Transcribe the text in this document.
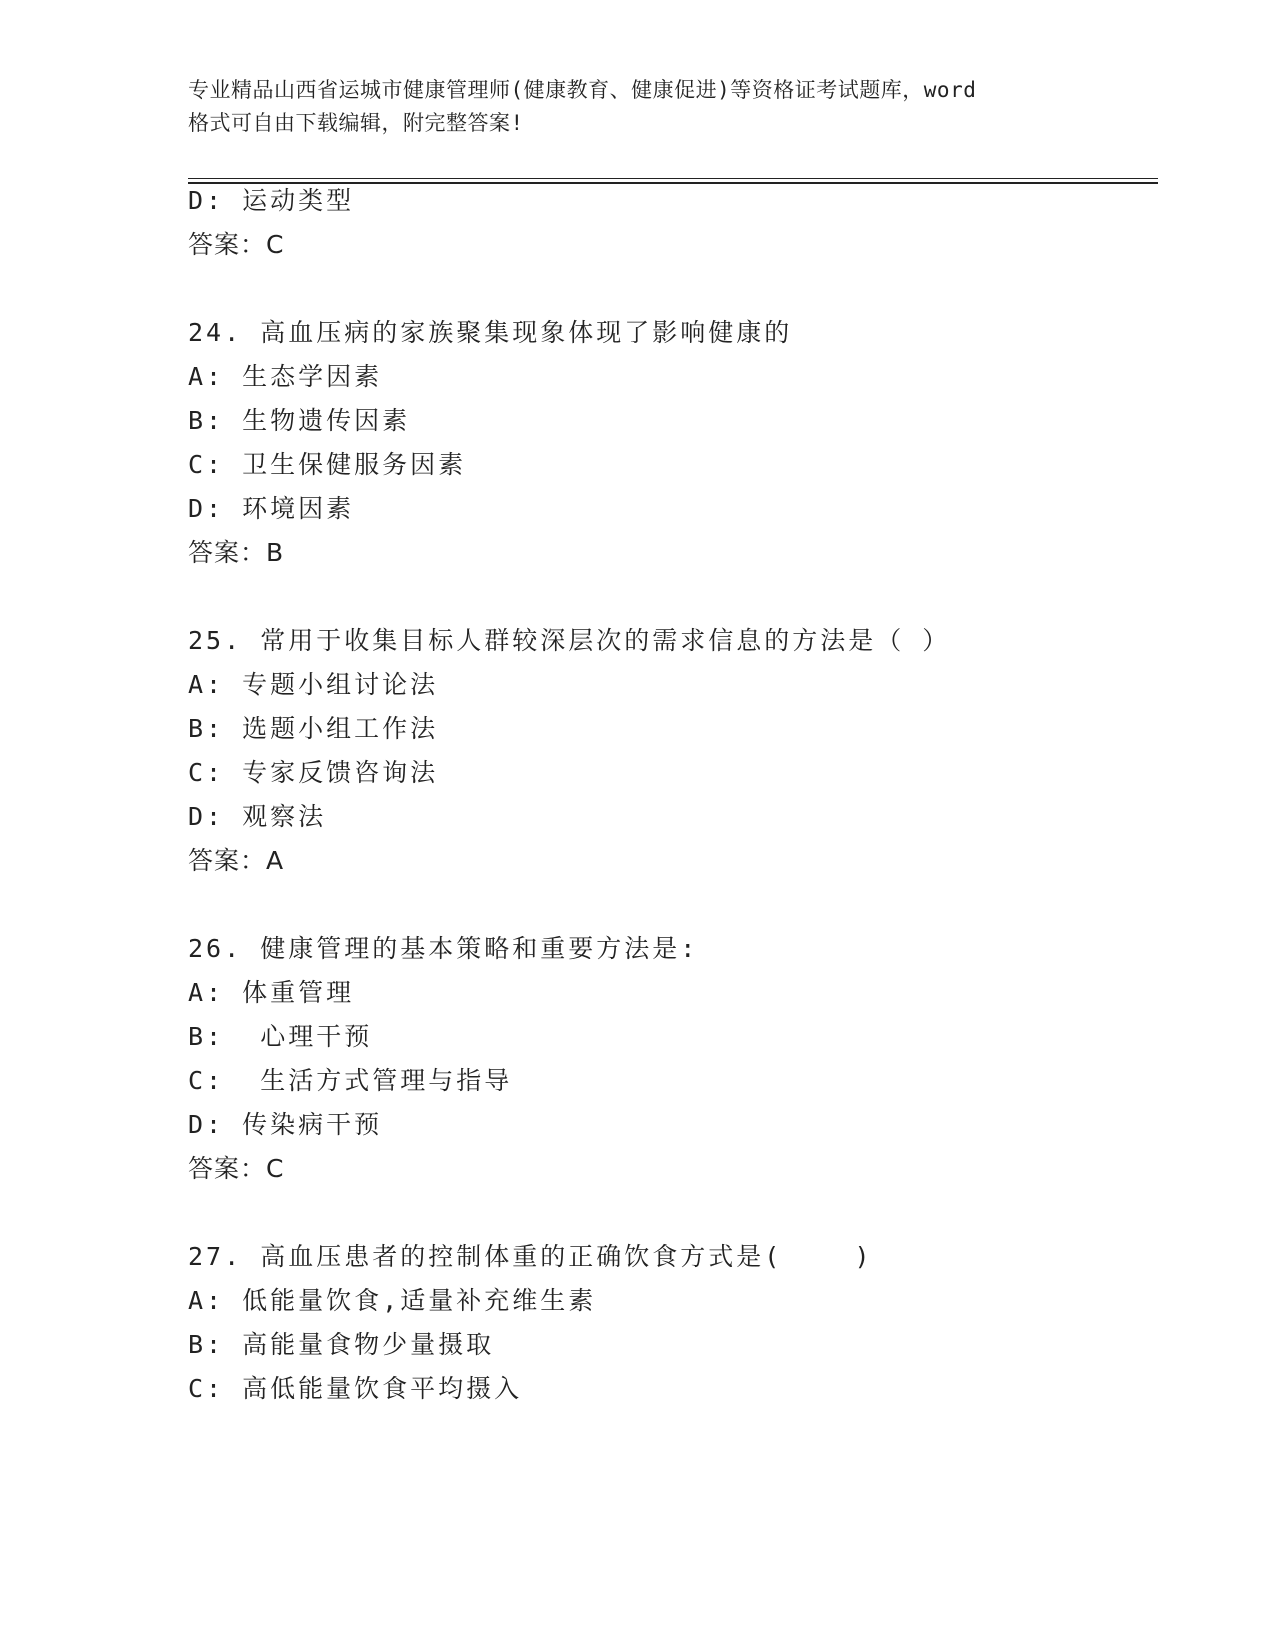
专业精品山西省运城市健康管理师(健康教育、健康促进)等资格证考试题库，word
格式可自由下载编辑，附完整答案!
D: 运动类型
答案：C
24. 高血压病的家族聚集现象体现了影响健康的
A: 生态学因素
B: 生物遗传因素
C: 卫生保健服务因素
D: 环境因素
答案：B
25. 常用于收集目标人群较深层次的需求信息的方法是（ ）
A: 专题小组讨论法
B: 选题小组工作法
C: 专家反馈咨询法
D: 观察法
答案：A
26. 健康管理的基本策略和重要方法是:
A: 体重管理
B:  心理干预
C:  生活方式管理与指导
D: 传染病干预
答案：C
27. 高血压患者的控制体重的正确饮食方式是(    )
A: 低能量饮食,适量补充维生素
B: 高能量食物少量摄取
C: 高低能量饮食平均摄入
